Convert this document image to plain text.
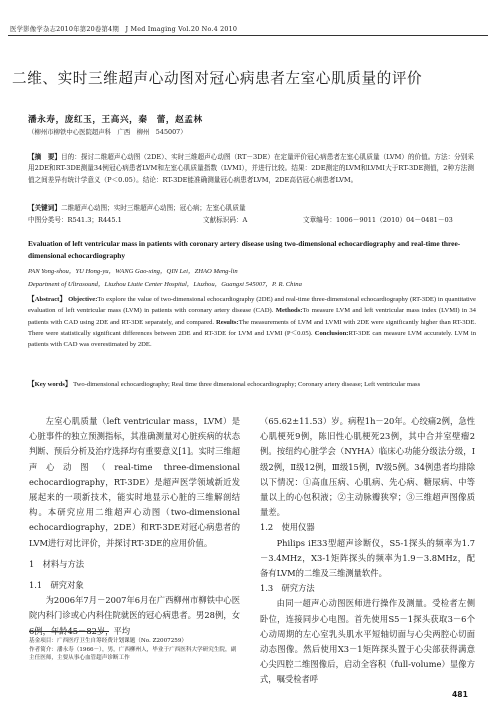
医学影像学杂志2010年第20卷第4期　J Med Imaging Vol.20 No.4 2010
二维、实时三维超声心动图对冠心病患者左室心肌质量的评价
潘永寿，庞红玉，王高兴，秦　蕾，赵孟林
（柳州市柳铁中心医院超声科　广西　柳州　545007）
【摘　要】目的：探讨二维超声心动图（2DE）、实时三维超声心动图（RT－3DE）在定量评价冠心病患者左室心肌质量（LVM）的价值。方法：分别采用2DE和RT-3DE测量34例冠心病患者LVM和左室心肌质量指数（LVMI），并进行比较。结果：2DE测定的LVM和LVMI大于RT-3DE测值，2种方法测值之间差异有统计学意义（P＜0.05）。结论：RT-3DE能准确测量冠心病患者LVM，2DE高估冠心病患者LVM。
【关键词】二维超声心动图；实时三维超声心动图；冠心病；左室心肌质量
中图分类号：R541.3；R445.1	文献标识码：A	文章编号：1006－9011（2010）04－0481－03
Evaluation of left ventricular mass in patients with coronary artery disease using two-dimensional echocardiography and real-time three-dimensional echocardiography
PAN Yong-shou，YU Hong-yu，WANG Gao-xing，QIN Lei，ZHAO Meng-lin
Department of Ultrasound，Liuzhou Liutie Center Hospital，Liuzhou，Guangxi 545007，P. R. China
【Abstract】 Objective:To explore the value of two-dimensional echocardiography (2DE) and real-time three-dimensional echocardiography (RT-3DE) in quantitative evaluation of left ventricular mass (LVM) in patients with coronary artery disease (CAD). Methods:To measure LVM and left ventricular mass index (LVMI) in 34 patients with CAD using 2DE and RT-3DE separately, and compared. Results:The measurements of LVM and LVMI with 2DE were significantly higher than RT-3DE. There were statistically significant differences between 2DE and RT-3DE for LVM and LVMI (P＜0.05). Conclusion:RT-3DE can measure LVM accurately. LVM in patients with CAD was overestimated by 2DE.
【Key words】 Two-dimensional echocardiography; Real time three dimensional echocardiography; Coronary artery disease; Left ventricular mass

左室心肌质量（left ventricular mass，LVM）是心脏事件的独立预测指标，其准确测量对心脏疾病的状态判断、预后分析及治疗选择均有重要意义[1]。实时三维超声心动图（real-time three-dimensional echocardiography，RT-3DE）是超声医学领域新近发展起来的一项新技术，能实时地显示心脏的三维解剖结构。本研究应用二维超声心动图（two-dimensional echocardiography，2DE）和RT-3DE对冠心病患者的LVM进行对比评价，并探讨RT-3DE的应用价值。

1　材料与方法

1.1　研究对象

为2006年7月－2007年6月在广西柳州市柳铁中心医院内科门诊或心内科住院就医的冠心病患者。男28例，女6例，年龄45－82岁，平均

（65.62±11.53）岁。病程1h－20年。心绞痛2例，急性心肌梗死9例，陈旧性心肌梗死23例，其中合并室壁瘤2例。按纽约心脏学会（NYHA）临床心功能分级法分级，Ⅰ级2例，Ⅱ级12例，Ⅲ级15例，Ⅳ级5例。34例患者均排除以下情况：①高血压病、心肌病、先心病、糖尿病、中等量以上的心包积液；②主动脉瓣狭窄；③三维超声图像质量差。

1.2　使用仪器

Philips iE33型超声诊断仪，S5-1探头的频率为1.7－3.4MHz，X3-1矩阵探头的频率为1.9－3.8MHz，配备有LVM的二维及三维测量软件。

1.3　研究方法

由同一超声心动图医师进行操作及测量。受检者左侧卧位，连接同步心电图。首先使用S5－1探头获取3－6个心动周期的左心室乳头肌水平短轴切面与心尖两腔心切面动态图像。然后使用X3－1矩阵探头置于心尖部获得满意心尖四腔二维图像后，启动全容积（full-volume）显像方式，嘱受检者呼

基金项目：广西医疗卫生自筹经费计划课题（No. Z2007259）
作者简介：潘永寿（1966－），男，广西柳州人，毕业于广西医科大学研究生院，副主任医师，主要从事心血管超声诊断工作
481
